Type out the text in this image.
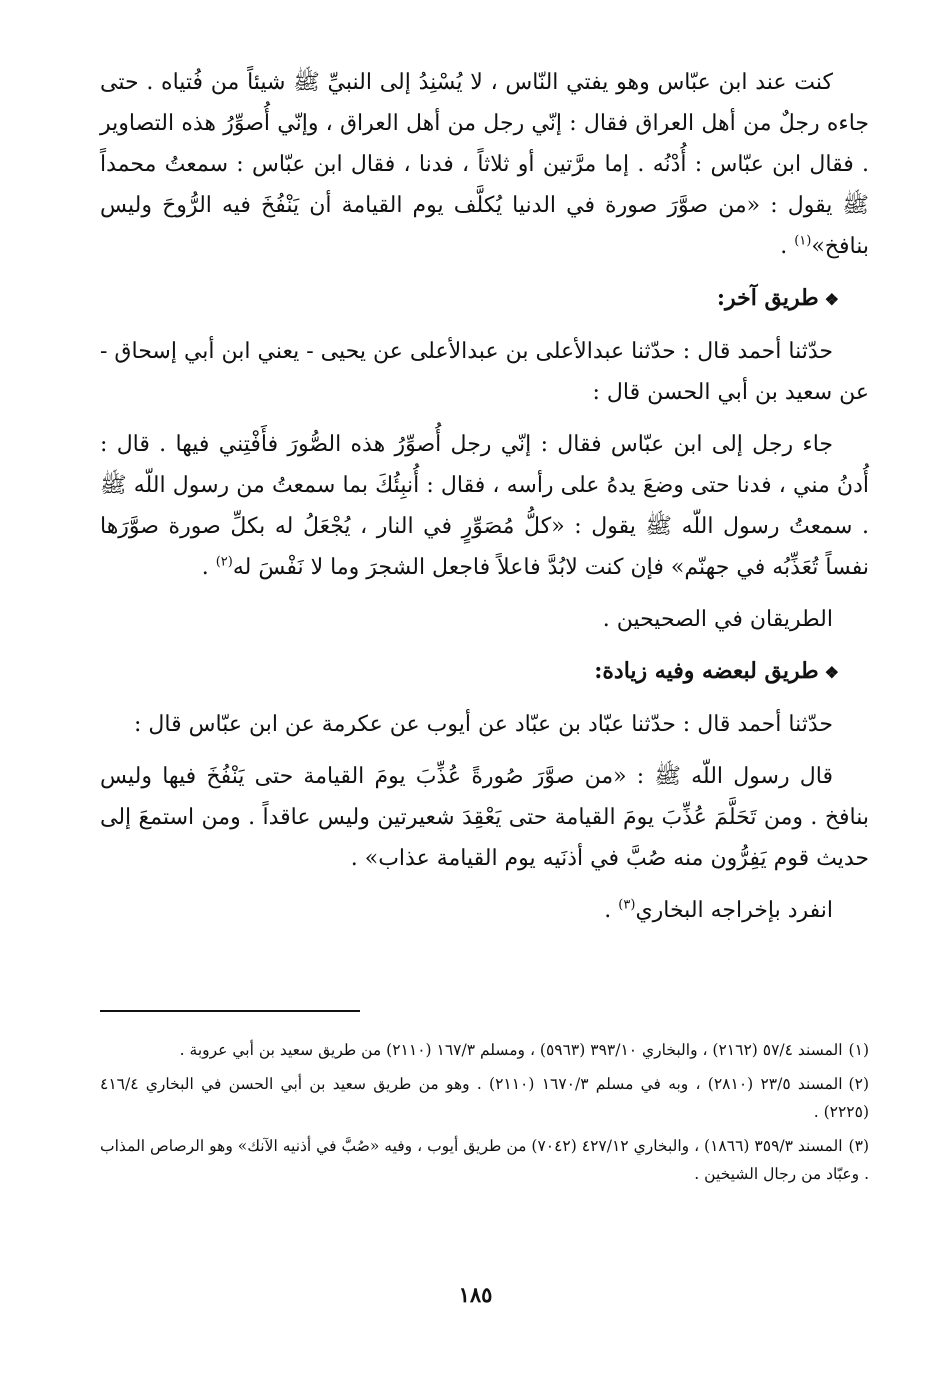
كنت عند ابن عبّاس وهو يفتي النّاس ، لا يُسْنِدُ إلى النبيِّ ﷺ شيئاً من فُتياه . حتى جاءه رجلٌ من أهل العراق فقال : إنّي رجل من أهل العراق ، وإنّي أُصوِّرُ هذه التصاوير . فقال ابن عبّاس : أُدْنُه . إما مرَّتين أو ثلاثاً ، فدنا ، فقال ابن عبّاس : سمعتُ محمداً ﷺ يقول : «من صوَّرَ صورة في الدنيا يُكلَّف يوم القيامة أن يَنْفُخَ فيه الرُّوحَ وليس بنافخ»$^{(١)}$ .

❖طريق آخر:

حدّثنا أحمد قال : حدّثنا عبدالأعلى بن عبدالأعلى عن يحيى - يعني ابن أبي إسحاق - عن سعيد بن أبي الحسن قال :

جاء رجل إلى ابن عبّاس فقال : إنّي رجل أُصوِّرُ هذه الصُّورَ فأَفْتِني فيها . قال : أُدنُ مني ، فدنا حتى وضعَ يدهُ على رأسه ، فقال : أُنبِئُكَ بما سمعتُ من رسول اللّه ﷺ . سمعتُ رسول اللّه ﷺ يقول : «كلُّ مُصَوِّرٍ في النار ، يُجْعَلُ له بكلِّ صورة صوَّرَها نفساً تُعَذِّبُه في جهنّم» فإن كنت لابُدَّ فاعلاً فاجعل الشجرَ وما لا نَفْسَ له$^{(٢)}$ .

الطريقان في الصحيحين .

❖طريق لبعضه وفيه زيادة:

حدّثنا أحمد قال : حدّثنا عبّاد بن عبّاد عن أيوب عن عكرمة عن ابن عبّاس قال :

قال رسول اللّه ﷺ : «من صوَّرَ صُورةً عُذِّبَ يومَ القيامة حتى يَنْفُخَ فيها وليس بنافخ . ومن تَحَلَّمَ عُذِّبَ يومَ القيامة حتى يَعْقِدَ شعيرتين وليس عاقداً . ومن استمعَ إلى حديث قوم يَفِرُّون منه صُبَّ في أذنَيه يوم القيامة عذاب» .

انفرد بإخراجه البخاري$^{(٣)}$ .

(١)المسند ٥٧/٤ (٢١٦٢) ، والبخاري ٣٩٣/١٠ (٥٩٦٣) ، ومسلم ١٦٧/٣ (٢١١٠) من طريق سعيد بن أبي عروبة .

(٢)المسند ٢٣/٥ (٢٨١٠) ، وبه في مسلم ١٦٧٠/٣ (٢١١٠) . وهو من طريق سعيد بن أبي الحسن في البخاري ٤١٦/٤ (٢٢٢٥) .

(٣)المسند ٣٥٩/٣ (١٨٦٦) ، والبخاري ٤٢٧/١٢ (٧٠٤٢) من طريق أيوب ، وفيه «صُبَّ في أذنيه الآنك» وهو الرصاص المذاب . وعبّاد من رجال الشيخين .

١٨٥
